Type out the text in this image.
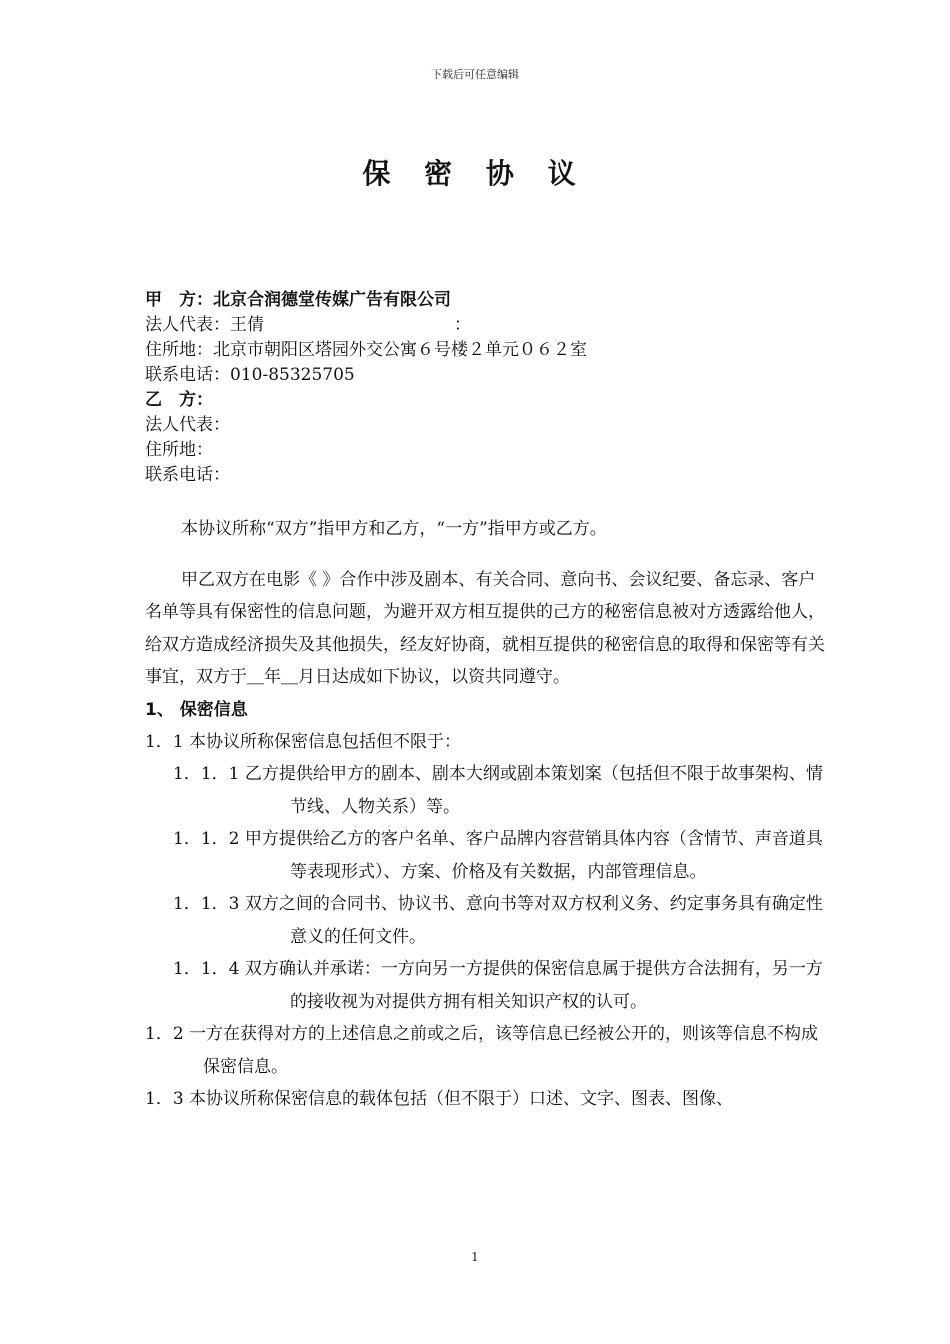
下载后可任意编辑
保 密 协 议
甲　方：北京合润德堂传媒广告有限公司
法人代表：王倩	：
住所地：北京市朝阳区塔园外交公寓６号楼２单元０６２室
联系电话：010-85325705
乙　方：
法人代表：
住所地：
联系电话：

本协议所称“双方”指甲方和乙方，“一方”指甲方或乙方。

甲乙双方在电影《 》合作中涉及剧本、有关合同、意向书、会议纪要、备忘录、客户名单等具有保密性的信息问题，为避开双方相互提供的己方的秘密信息被对方透露给他人，给双方造成经济损失及其他损失，经友好协商，就相互提供的秘密信息的取得和保密等有关事宜，双方于＿年＿月日达成如下协议，以资共同遵守。

1、 保密信息
1．1 本协议所称保密信息包括但不限于：
1．1．1 乙方提供给甲方的剧本、剧本大纲或剧本策划案（包括但不限于故事架构、情节线、人物关系）等。
1．1．2 甲方提供给乙方的客户名单、客户品牌内容营销具体内容（含情节、声音道具等表现形式）、方案、价格及有关数据，内部管理信息。
1．1．3 双方之间的合同书、协议书、意向书等对双方权利义务、约定事务具有确定性意义的任何文件。
1．1．4 双方确认并承诺：一方向另一方提供的保密信息属于提供方合法拥有，另一方的接收视为对提供方拥有相关知识产权的认可。
1．2 一方在获得对方的上述信息之前或之后，该等信息已经被公开的，则该等信息不构成保密信息。
1．3 本协议所称保密信息的载体包括（但不限于）口述、文字、图表、图像、
1
